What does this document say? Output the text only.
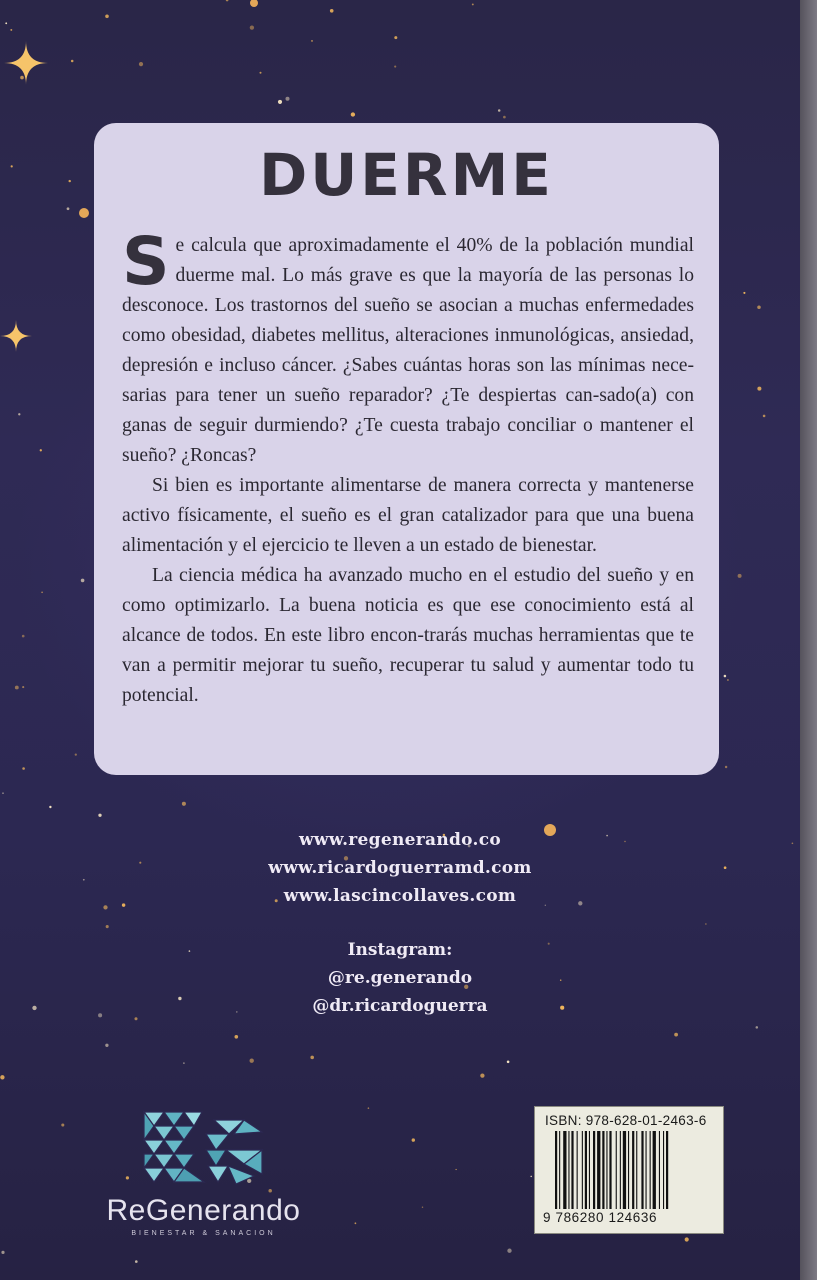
DUERME

Se calcula que aproximadamente el 40% de la población mundial duerme mal. Lo más grave es que la mayoría de las personas lo desconoce. Los trastornos del sueño se asocian a muchas enfermedades como obesidad, diabetes mellitus, alteraciones inmunológicas, ansiedad, depresión e incluso cáncer. ¿Sabes cuántas horas son las mínimas nece-sarias para tener un sueño reparador? ¿Te despiertas can-sado(a) con ganas de seguir durmiendo? ¿Te cuesta trabajo conciliar o mantener el sueño? ¿Roncas?

Si bien es importante alimentarse de manera correcta y mantenerse activo físicamente, el sueño es el gran catalizador para que una buena alimentación y el ejercicio te lleven a un estado de bienestar.

La ciencia médica ha avanzado mucho en el estudio del sueño y en como optimizarlo. La buena noticia es que ese conocimiento está al alcance de todos. En este libro encon-trarás muchas herramientas que te van a permitir mejorar tu sueño, recuperar tu salud y aumentar todo tu potencial.

www.regenerando.co
www.ricardoguerramd.com
www.lascincollaves.com
Instagram:
@re.generando
@dr.ricardoguerra
ReGenerando
BIENESTAR & SANACION
ISBN: 978-628-01-2463-6
9 786280 124636
